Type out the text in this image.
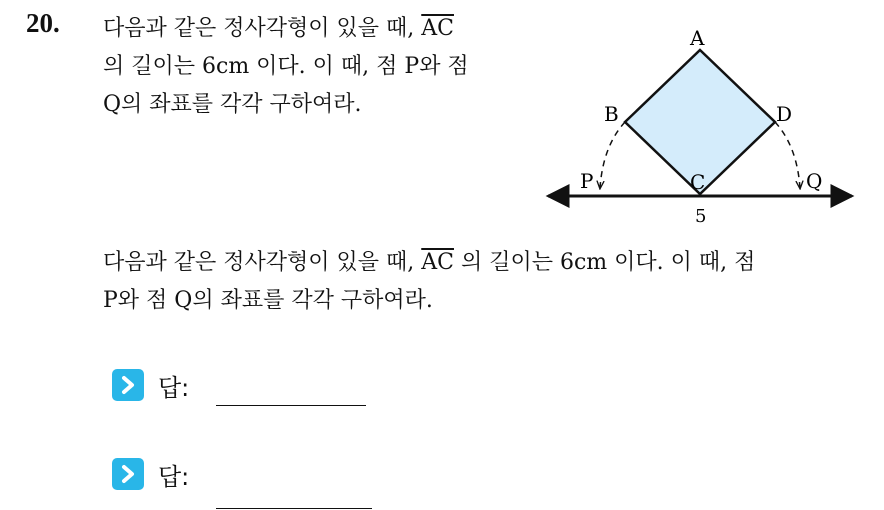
20. 다음과 같은 정사각형이 있을 때, $\overline{AC}$
의 길이는 6cm 이다. 이 때, 점 P와 점
Q의 좌표를 각각 구하여라.
A
B
C
D
P	Q
5
다음과 같은 정사각형이 있을 때, $\overline{AC}$ 의 길이는 6cm 이다. 이 때, 점
P와 점 Q의 좌표를 각각 구하여라.
답:
답:
